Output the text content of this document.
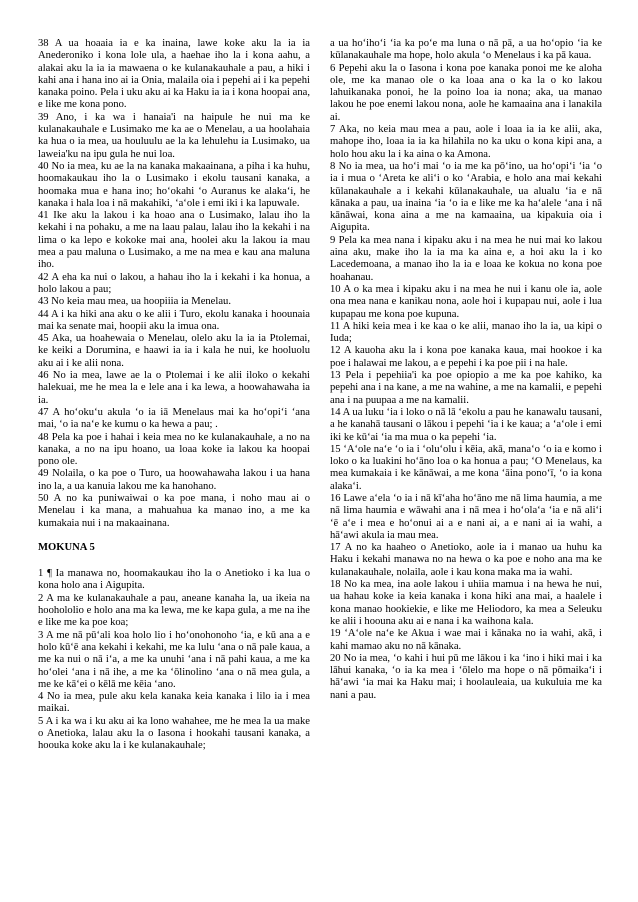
38 A ua hoaaia ia e ka inaina, lawe koke aku la ia ia Anederoniko i kona lole ula, a haehae iho la i kona aahu, a alakai aku la ia ia mawaena o ke kulanakauhale a pau, a hiki i kahi ana i hana ino ai ia Onia, malaila oia i pepehi ai i ka pepehi kanaka poino. Pela i uku aku ai ka Haku ia ia i kona hoopai ana, e like me kona pono.

39 Ano, i ka wa i hanaia'i na haipule he nui ma ke kulanakauhale e Lusimako me ka ae o Menelau, a ua hoolahaia ka hua o ia mea, ua houluulu ae la ka lehulehu ia Lusimako, ua laweia'ku na ipu gula he nui loa.

40 No ia mea, ku ae la na kanaka makaainana, a piha i ka huhu, hoomakaukau iho la o Lusimako i ekolu tausani kanaka, a hoomaka mua e hana ino; hoʻokahi ʻo Auranus ke alakaʻi, he kanaka i hala loa i nā makahiki, ʻaʻole i emi iki i ka lapuwale.

41 Ike aku la lakou i ka hoao ana o Lusimako, lalau iho la kekahi i na pohaku, a me na laau palau, lalau iho la kekahi i na lima o ka lepo e kokoke mai ana, hoolei aku la lakou ia mau mea a pau maluna o Lusimako, a me na mea e kau ana maluna iho.

42 A eha ka nui o lakou, a hahau iho la i kekahi i ka honua, a holo lakou a pau;

43 No keia mau mea, ua hoopiiia ia Menelau.

44 A i ka hiki ana aku o ke alii i Turo, ekolu kanaka i hoounaia mai ka senate mai, hoopii aku la imua ona.

45 Aka, ua hoahewaia o Menelau, olelo aku la ia ia Ptolemai, ke keiki a Dorumina, e haawi ia ia i kala he nui, ke hooluolu aku ai i ke alii nona.

46 No ia mea, lawe ae la o Ptolemai i ke alii iloko o kekahi halekuai, me he mea la e lele ana i ka lewa, a hoowahawaha ia ia.

47 A hoʻokuʻu akula ʻo ia iā Menelaus mai ka hoʻopiʻi ʻana mai, ʻo ia naʻe ke kumu o ka hewa a pau; .

48 Pela ka poe i hahai i keia mea no ke kulanakauhale, a no na kanaka, a no na ipu hoano, ua loaa koke ia lakou ka hoopai pono ole.

49 Nolaila, o ka poe o Turo, ua hoowahawaha lakou i ua hana ino la, a ua kanuia lakou me ka hanohano.

50 A no ka puniwaiwai o ka poe mana, i noho mau ai o Menelau i ka mana, a mahuahua ka manao ino, a me ka kumakaia nui i na makaainana.

MOKUNA 5

1 ¶ Ia manawa no, hoomakaukau iho la o Anetioko i ka lua o kona holo ana i Aigupita.

2 A ma ke kulanakauhale a pau, aneane kanaha la, ua ikeia na hoohololio e holo ana ma ka lewa, me ke kapa gula, a me na ihe e like me ka poe koa;

3 A me nā pūʻali koa holo lio i hoʻonohonoho ʻia, e kū ana a e holo kūʻē ana kekahi i kekahi, me ka lulu ʻana o nā pale kaua, a me ka nui o nā iʻa, a me ka unuhi ʻana i nā pahi kaua, a me ka hoʻolei ʻana i nā ihe, a me ka ʻōlinolino ʻana o nā mea gula, a me ke kāʻei o kēlā me kēia ʻano.

4 No ia mea, pule aku kela kanaka keia kanaka i lilo ia i mea maikai.

5 A i ka wa i ku aku ai ka lono wahahee, me he mea la ua make o Anetioka, lalau aku la o Iasona i hookahi tausani kanaka, a hoouka koke aku la i ke kulanakauhale;

a ua hoʻihoʻi ʻia ka poʻe ma luna o nā pā, a ua hoʻopio ʻia ke kūlanakauhale ma hope, holo akula ʻo Menelaus i ka pā kaua.

6 Pepehi aku la o Iasona i kona poe kanaka ponoi me ke aloha ole, me ka manao ole o ka loaa ana o ka la o ko lakou lahuikanaka ponoi, he la poino loa ia nona; aka, ua manao lakou he poe enemi lakou nona, aole he kamaaina ana i lanakila ai.

7 Aka, no keia mau mea a pau, aole i loaa ia ia ke alii, aka, mahope iho, loaa ia ia ka hilahila no ka uku o kona kipi ana, a holo hou aku la i ka aina o ka Amona.

8 No ia mea, ua hoʻi mai ʻo ia me ka pōʻino, ua hoʻopiʻi ʻia ʻo ia i mua o ʻAreta ke aliʻi o ko ʻArabia, e holo ana mai kekahi kūlanakauhale a i kekahi kūlanakauhale, ua alualu ʻia e nā kānaka a pau, ua inaina ʻia ʻo ia e like me ka haʻalele ʻana i nā kānāwai, kona aina a me na kamaaina, ua kipakuia oia i Aigupita.

9 Pela ka mea nana i kipaku aku i na mea he nui mai ko lakou aina aku, make iho la ia ma ka aina e, a hoi aku la i ko Lacedemoana, a manao iho la ia e loaa ke kokua no kona poe hoahanau.

10 A o ka mea i kipaku aku i na mea he nui i kanu ole ia, aole ona mea nana e kanikau nona, aole hoi i kupapau nui, aole i lua kupapau me kona poe kupuna.

11 A hiki keia mea i ke kaa o ke alii, manao iho la ia, ua kipi o Iuda;

12 A kauoha aku la i kona poe kanaka kaua, mai hookoe i ka poe i halawai me lakou, a e pepehi i ka poe pii i na hale.

13 Pela i pepehiia'i ka poe opiopio a me ka poe kahiko, ka pepehi ana i na kane, a me na wahine, a me na kamalii, e pepehi ana i na puupaa a me na kamalii.

14 A ua luku ʻia i loko o nā lā ʻekolu a pau he kanawalu tausani, a he kanahā tausani o lākou i pepehi ʻia i ke kaua; a ʻaʻole i emi iki ke kūʻai ʻia ma mua o ka pepehi ʻia.

15 ʻAʻole naʻe ʻo ia i ʻoluʻolu i kēia, akā, manaʻo ʻo ia e komo i loko o ka luakini hoʻāno loa o ka honua a pau; ʻO Menelaus, ka mea kumakaia i ke kānāwai, a me kona ʻāina ponoʻī, ʻo ia kona alakaʻi.

16 Lawe aʻela ʻo ia i nā kīʻaha hoʻāno me nā lima haumia, a me nā lima haumia e wāwahi ana i nā mea i hoʻolaʻa ʻia e nā aliʻi ʻē aʻe i mea e hoʻonui ai a e nani ai, a e nani ai ia wahi, a hāʻawi akula ia mau mea.

17 A no ka haaheo o Anetioko, aole ia i manao ua huhu ka Haku i kekahi manawa no na hewa o ka poe e noho ana ma ke kulanakauhale, nolaila, aole i kau kona maka ma ia wahi.

18 No ka mea, ina aole lakou i uhiia mamua i na hewa he nui, ua hahau koke ia keia kanaka i kona hiki ana mai, a haalele i kona manao hookiekie, e like me Heliodoro, ka mea a Seleuku ke alii i hoouna aku ai e nana i ka waihona kala.

19 ʻAʻole naʻe ke Akua i wae mai i kānaka no ia wahi, akā, i kahi mamao aku no nā kānaka.

20 No ia mea, ʻo kahi i hui pū me lākou i ka ʻino i hiki mai i ka lāhui kanaka, ʻo ia ka mea i ʻōlelo ma hope o nā pōmaikaʻi i hāʻawi ʻia mai ka Haku mai; i hoolauleaia, ua kukuluia me ka nani a pau.
